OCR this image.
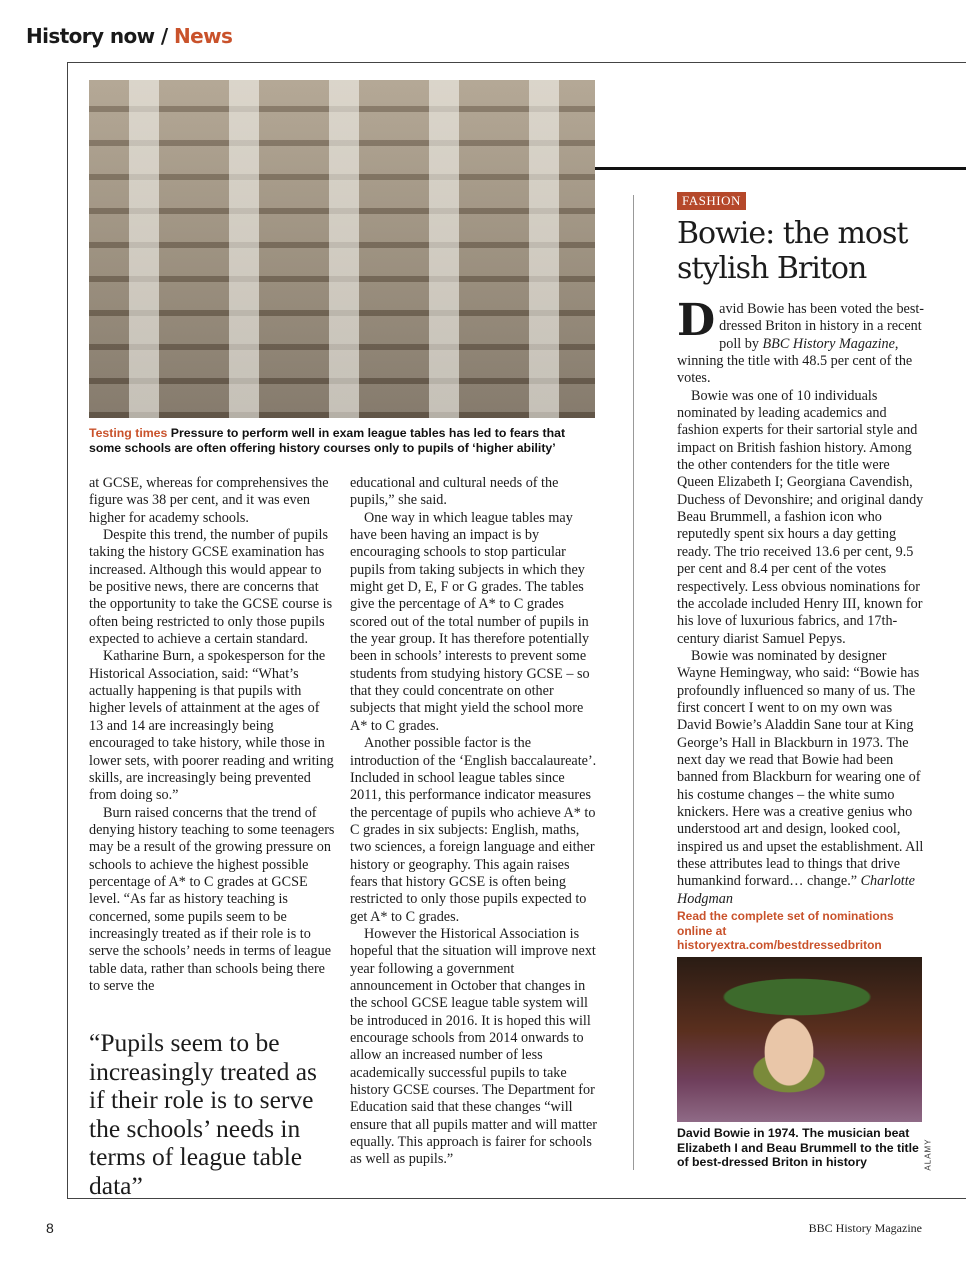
History now / News
Testing times Pressure to perform well in exam league tables has led to fears that some schools are often offering history courses only to pupils of ‘higher ability’

at GCSE, whereas for comprehensives the figure was 38 per cent, and it was even higher for academy schools.

Despite this trend, the number of pupils taking the history GCSE examination has increased. Although this would appear to be positive news, there are concerns that the opportunity to take the GCSE course is often being restricted to only those pupils expected to achieve a certain standard.

Katharine Burn, a spokesperson for the Historical Association, said: “What’s actually happening is that pupils with higher levels of attainment at the ages of 13 and 14 are increasingly being encouraged to take history, while those in lower sets, with poorer reading and writing skills, are increasingly being prevented from doing so.”

Burn raised concerns that the trend of denying history teaching to some teenagers may be a result of the growing pressure on schools to achieve the highest possible percentage of A* to C grades at GCSE level. “As far as history teaching is concerned, some pupils seem to be increasingly treated as if their role is to serve the schools’ needs in terms of league table data, rather than schools being there to serve the

“Pupils seem to be increasingly treated as if their role is to serve the schools’ needs in terms of league table data”

educational and cultural needs of the pupils,” she said.

One way in which league tables may have been having an impact is by encouraging schools to stop particular pupils from taking subjects in which they might get D, E, F or G grades. The tables give the percentage of A* to C grades scored out of the total number of pupils in the year group. It has therefore potentially been in schools’ interests to prevent some students from studying history GCSE – so that they could concentrate on other subjects that might yield the school more A* to C grades.

Another possible factor is the introduction of the ‘English baccalaureate’. Included in school league tables since 2011, this performance indicator measures the percentage of pupils who achieve A* to C grades in six subjects: English, maths, two sciences, a foreign language and either history or geography. This again raises fears that history GCSE is often being restricted to only those pupils expected to get A* to C grades.

However the Historical Association is hopeful that the situation will improve next year following a government announcement in October that changes in the school GCSE league table system will be introduced in 2016. It is hoped this will encourage schools from 2014 onwards to allow an increased number of less academically successful pupils to take history GCSE courses. The Department for Education said that these changes “will ensure that all pupils matter and will matter equally. This approach is fairer for schools as well as pupils.”

FASHION
Bowie: the most stylish Briton

David Bowie has been voted the best-dressed Briton in history in a recent poll by BBC History Magazine, winning the title with 48.5 per cent of the votes.

Bowie was one of 10 individuals nominated by leading academics and fashion experts for their sartorial style and impact on British fashion history. Among the other contenders for the title were Queen Elizabeth I; Georgiana Cavendish, Duchess of Devonshire; and original dandy Beau Brummell, a fashion icon who reputedly spent six hours a day getting ready. The trio received 13.6 per cent, 9.5 per cent and 8.4 per cent of the votes respectively. Less obvious nominations for the accolade included Henry III, known for his love of luxurious fabrics, and 17th-century diarist Samuel Pepys.

Bowie was nominated by designer Wayne Hemingway, who said: “Bowie has profoundly influenced so many of us. The first concert I went to on my own was David Bowie’s Aladdin Sane tour at King George’s Hall in Blackburn in 1973. The next day we read that Bowie had been banned from Blackburn for wearing one of his costume changes – the white sumo knickers. Here was a creative genius who understood art and design, looked cool, inspired us and upset the establishment. All these attributes lead to things that drive humankind forward… change.” Charlotte Hodgman

Read the complete set of nominations online at historyextra.com/bestdressedbriton
David Bowie in 1974. The musician beat Elizabeth I and Beau Brummell to the title of best-dressed Briton in history	ALAMY
8	BBC History Magazine
